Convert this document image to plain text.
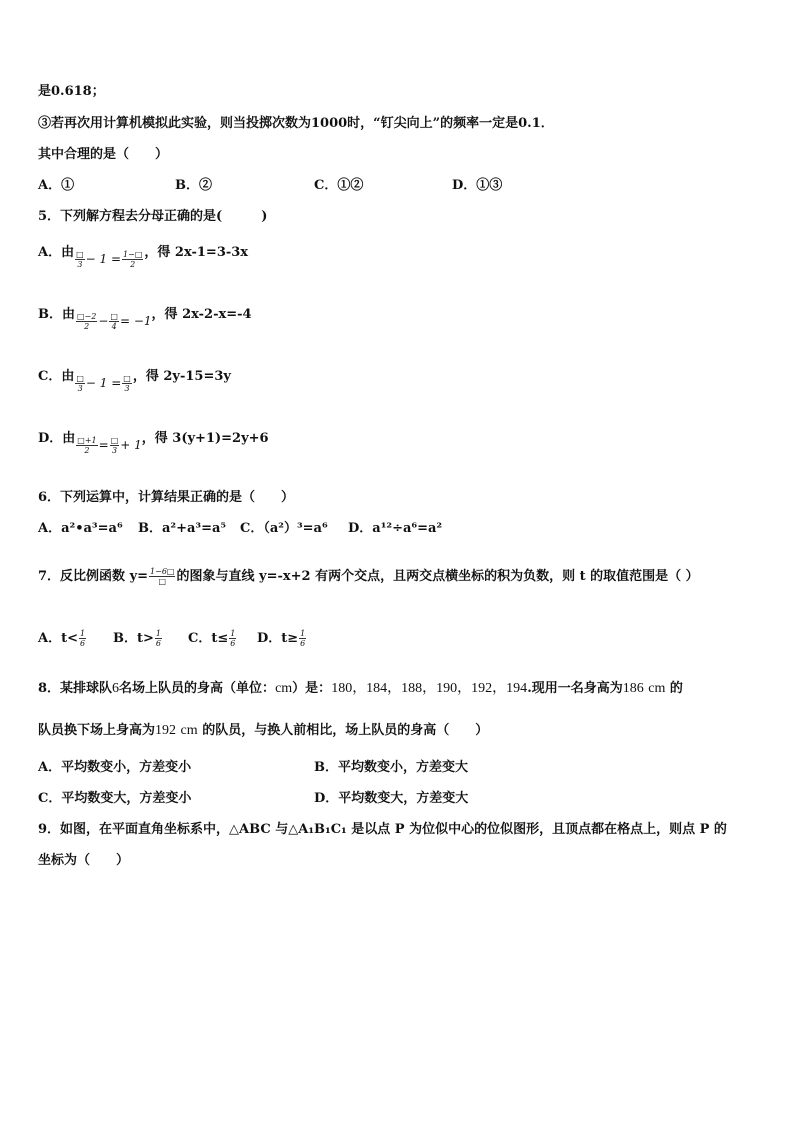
是0.618；
③若再次用计算机模拟此实验，则当投掷次数为1000时，“钉尖向上”的频率一定是0.1．
其中合理的是（　　）
A．①	B．②	C．①②	D．①③
5．下列解方程去分母正确的是(　　　)
A．由 $\frac{□}{3} - 1 = \frac{1-□}{2}$ ，得 2x-1=3-3x
B．由 $\frac{□-2}{2} - \frac{□}{4} = -1$，得 2x-2-x=-4
C．由 $\frac{□}{3} - 1 = \frac{□}{3}$ ，得 2y-15=3y
D．由 $\frac{□+1}{2} = \frac{□}{3} + 1$，得 3(y+1)=2y+6
6．下列运算中，计算结果正确的是（　　）
A．a²•a³=a⁶ B．a²+a³=a⁵ C．（a²）³=a⁶ D．a¹²÷a⁶=a²
7．反比例函数 $y= \frac{1-6□}{□}$ 的图象与直线 y=-x+2 有两个交点，且两交点横坐标的积为负数，则 t 的取值范围是（ ）
A．$t< \frac{1}{6}$ B．$t> \frac{1}{6}$ C．$t\le \frac{1}{6}$ D．$t\ge \frac{1}{6}$
8．某排球队6名场上队员的身高（单位：cm）是：180，184，188，190，192，194.现用一名身高为186 cm 的
队员换下场上身高为192 cm 的队员，与换人前相比，场上队员的身高（　　）
A．平均数变小，方差变小	B．平均数变小，方差变大
C．平均数变大，方差变小	D．平均数变大，方差变大
9．如图，在平面直角坐标系中，△ABC 与△A₁B₁C₁ 是以点 P 为位似中心的位似图形，且顶点都在格点上，则点 P 的
坐标为（　　）
